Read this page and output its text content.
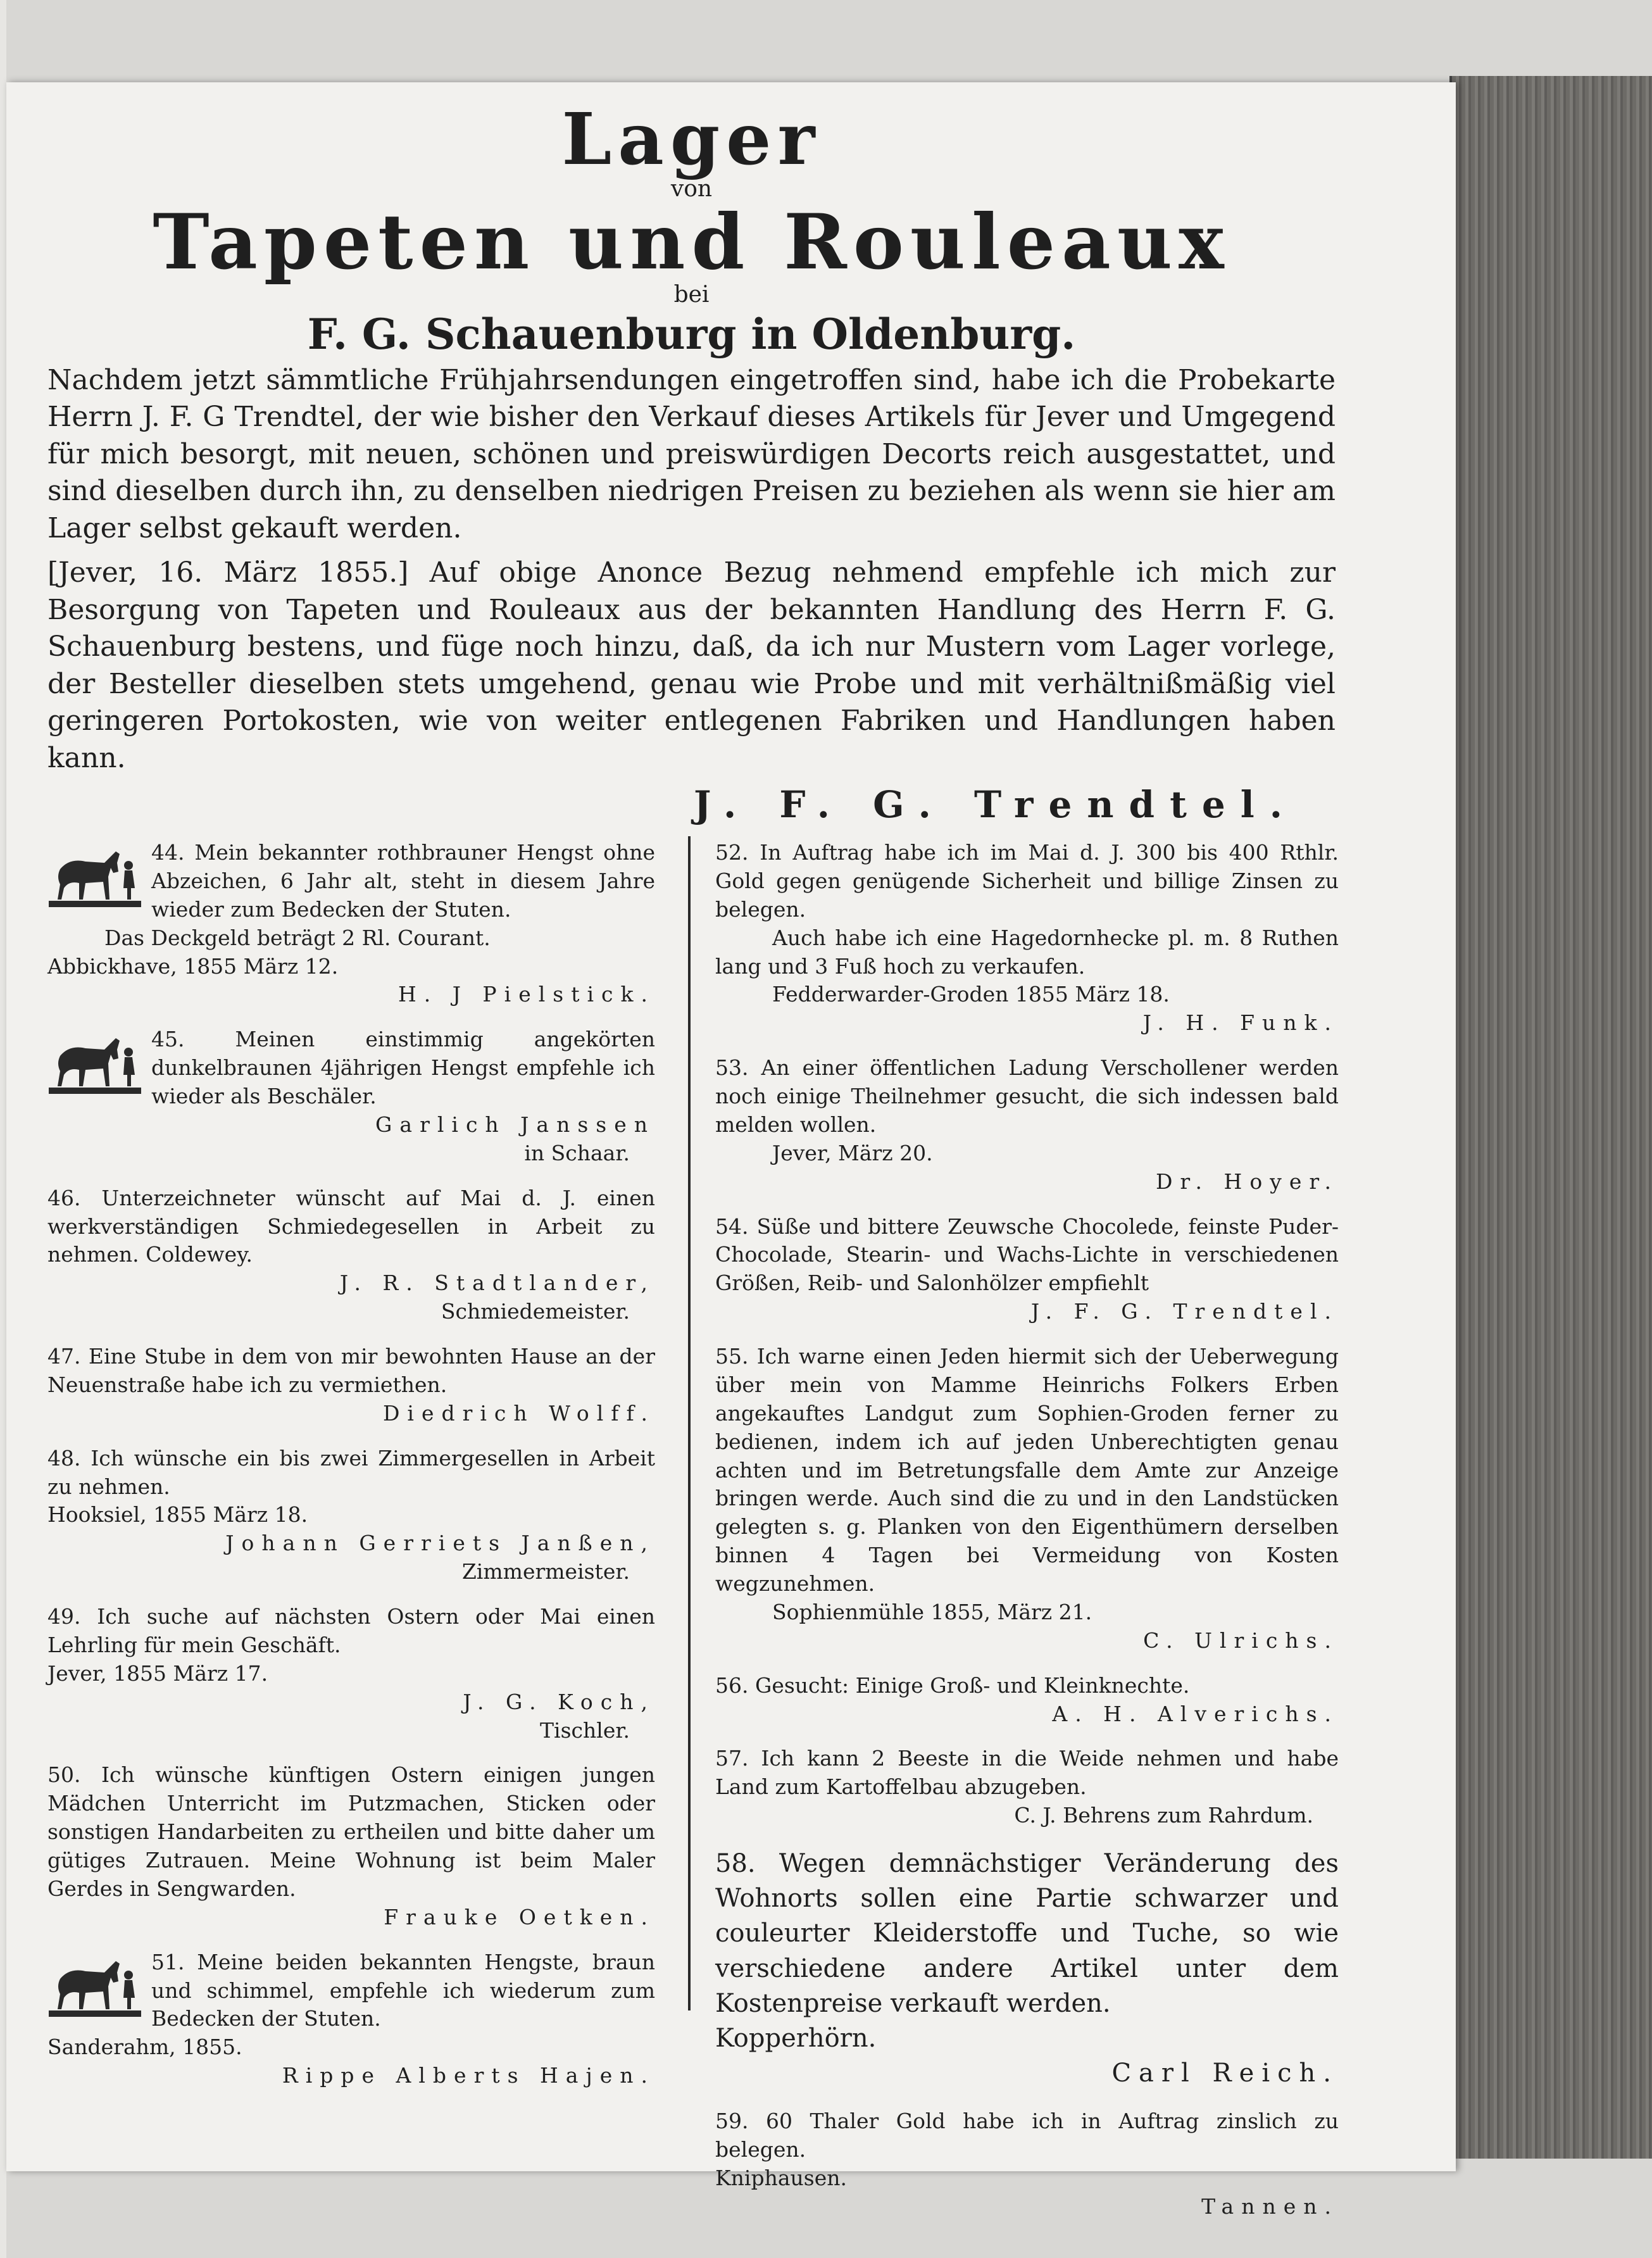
Lager
von
Tapeten und Rouleaux
bei
F. G. Schauenburg in Oldenburg.

Nachdem jetzt sämmtliche Frühjahrsendungen eingetroffen sind, habe ich die Probekarte Herrn J. F. G Trendtel, der wie bisher den Verkauf dieses Artikels für Jever und Umgegend für mich besorgt, mit neuen, schönen und preiswürdigen Decorts reich ausgestattet, und sind dieselben durch ihn, zu denselben niedrigen Preisen zu beziehen als wenn sie hier am Lager selbst gekauft werden.

[Jever, 16. März 1855.] Auf obige Anonce Bezug nehmend empfehle ich mich zur Besorgung von Tapeten und Rouleaux aus der bekannten Handlung des Herrn F. G. Schauenburg bestens, und füge noch hinzu, daß, da ich nur Mustern vom Lager vorlege, der Besteller dieselben stets umgehend, genau wie Probe und mit verhältnißmäßig viel geringeren Portokosten, wie von weiter entlegenen Fabriken und Handlungen haben kann.

J. F. G. Trendtel.

44. Mein bekannter rothbrauner Hengst ohne Abzeichen, 6 Jahr alt, steht in diesem Jahre wieder zum Bedecken der Stuten.

Das Deckgeld beträgt 2 Rl. Courant.

Abbickhave, 1855 März 12.

H. J Pielstick.

45. Meinen einstimmig angekörten dunkelbraunen 4jährigen Hengst empfehle ich wieder als Beschäler.

Garlich Janssen

in Schaar.

46. Unterzeichneter wünscht auf Mai d. J. einen werkverständigen Schmiedegesellen in Arbeit zu nehmen. Coldewey.

J. R. Stadtlander,

Schmiedemeister.

47. Eine Stube in dem von mir bewohnten Hause an der Neuenstraße habe ich zu vermiethen.

Diedrich Wolff.

48. Ich wünsche ein bis zwei Zimmergesellen in Arbeit zu nehmen.

Hooksiel, 1855 März 18.

Johann Gerriets Janßen,

Zimmermeister.

49. Ich suche auf nächsten Ostern oder Mai einen Lehrling für mein Geschäft.

Jever, 1855 März 17.

J. G. Koch,

Tischler.

50. Ich wünsche künftigen Ostern einigen jungen Mädchen Unterricht im Putzmachen, Sticken oder sonstigen Handarbeiten zu ertheilen und bitte daher um gütiges Zutrauen. Meine Wohnung ist beim Maler Gerdes in Sengwarden.

Frauke Oetken.

51. Meine beiden bekannten Hengste, braun und schimmel, empfehle ich wiederum zum Bedecken der Stuten.

Sanderahm, 1855.

Rippe Alberts Hajen.

52. In Auftrag habe ich im Mai d. J. 300 bis 400 Rthlr. Gold gegen genügende Sicherheit und billige Zinsen zu belegen.

Auch habe ich eine Hagedornhecke pl. m. 8 Ruthen lang und 3 Fuß hoch zu verkaufen.

Fedderwarder-Groden 1855 März 18.

J. H. Funk.

53. An einer öffentlichen Ladung Verschollener werden noch einige Theilnehmer gesucht, die sich indessen bald melden wollen.

Jever, März 20.

Dr. Hoyer.

54. Süße und bittere Zeuwsche Chocolede, feinste Puder-Chocolade, Stearin- und Wachs-Lichte in verschiedenen Größen, Reib- und Salonhölzer empfiehlt

J. F. G. Trendtel.

55. Ich warne einen Jeden hiermit sich der Ueberwegung über mein von Mamme Heinrichs Folkers Erben angekauftes Landgut zum Sophien-Groden ferner zu bedienen, indem ich auf jeden Unberechtigten genau achten und im Betretungsfalle dem Amte zur Anzeige bringen werde. Auch sind die zu und in den Landstücken gelegten s. g. Planken von den Eigenthümern derselben binnen 4 Tagen bei Vermeidung von Kosten wegzunehmen.

Sophienmühle 1855, März 21.

C. Ulrichs.

56. Gesucht: Einige Groß- und Kleinknechte.

A. H. Alverichs.

57. Ich kann 2 Beeste in die Weide nehmen und habe Land zum Kartoffelbau abzugeben.

C. J. Behrens zum Rahrdum.

58. Wegen demnächstiger Veränderung des Wohnorts sollen eine Partie schwarzer und couleurter Kleiderstoffe und Tuche, so wie verschiedene andere Artikel unter dem Kostenpreise verkauft werden.

Kopperhörn.

Carl Reich.

59. 60 Thaler Gold habe ich in Auftrag zinslich zu belegen.

Kniphausen.

Tannen.
